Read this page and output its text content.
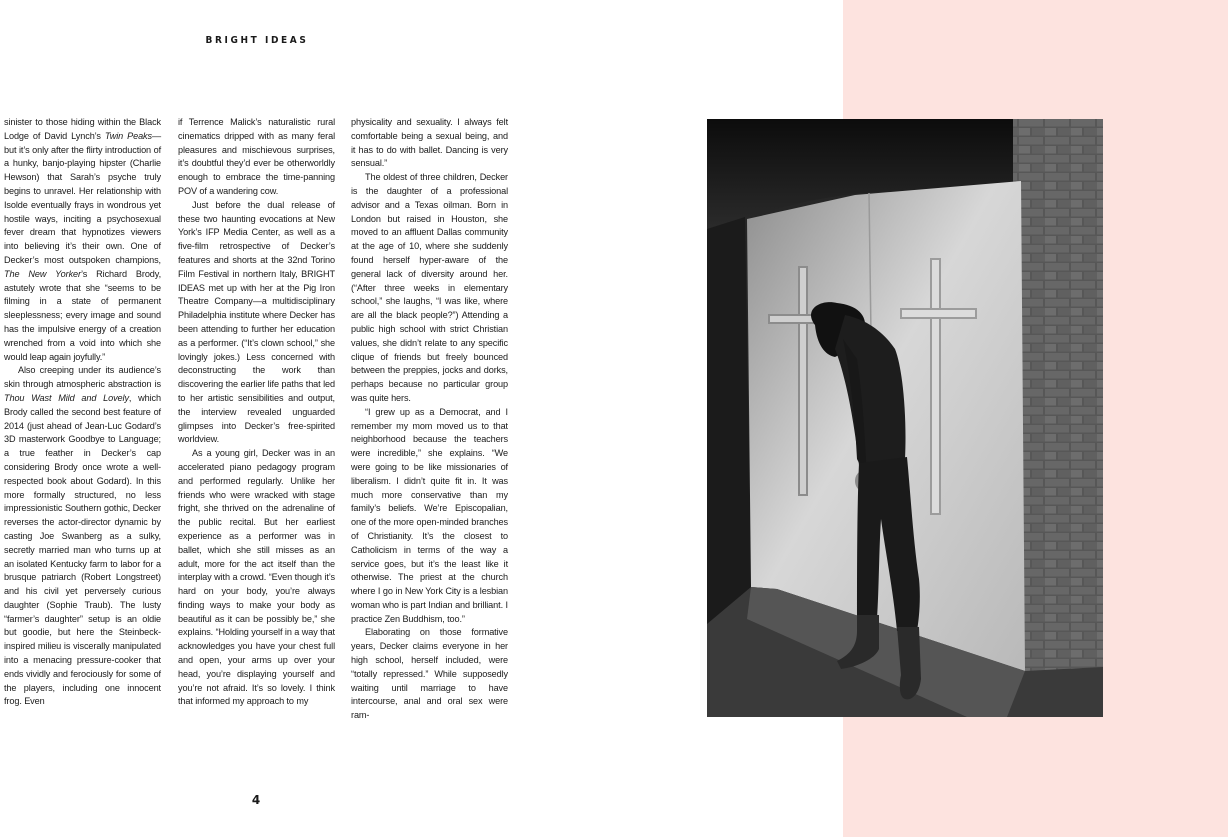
BRIGHT IDEAS

sinister to those hiding within the Black Lodge of David Lynch’s Twin Peaks—but it’s only after the flirty introduction of a hunky, banjo-playing hipster (Charlie Hewson) that Sarah’s psyche truly begins to unravel. Her relationship with Isolde eventually frays in wondrous yet hostile ways, inciting a psychosexual fever dream that hypnotizes viewers into believing it’s their own. One of Decker’s most outspoken champions, The New Yorker’s Richard Brody, astutely wrote that she “seems to be filming in a state of permanent sleeplessness; every image and sound has the impulsive energy of a creation wrenched from a void into which she would leap again joyfully.”

Also creeping under its audience’s skin through atmospheric abstraction is Thou Wast Mild and Lovely, which Brody called the second best feature of 2014 (just ahead of Jean-Luc Godard’s 3D masterwork Goodbye to Language; a true feather in Decker’s cap considering Brody once wrote a well-respected book about Godard). In this more formally structured, no less impressionistic Southern gothic, Decker reverses the actor-director dynamic by casting Joe Swanberg as a sulky, secretly married man who turns up at an isolated Kentucky farm to labor for a brusque patriarch (Robert Longstreet) and his civil yet perversely curious daughter (Sophie Traub). The lusty “farmer’s daughter” setup is an oldie but goodie, but here the Steinbeck-inspired milieu is viscerally manipulated into a menacing pressure-cooker that ends vividly and ferociously for some of the players, including one innocent frog. Even

if Terrence Malick’s naturalistic rural cinematics dripped with as many feral pleasures and mischievous surprises, it’s doubtful they’d ever be otherworldly enough to embrace the time-panning POV of a wandering cow.

Just before the dual release of these two haunting evocations at New York’s IFP Media Center, as well as a five-film retrospective of Decker’s features and shorts at the 32nd Torino Film Festival in northern Italy, BRIGHT IDEAS met up with her at the Pig Iron Theatre Company—a multidisciplinary Philadelphia institute where Decker has been attending to further her education as a performer. (“It’s clown school,” she lovingly jokes.) Less concerned with deconstructing the work than discovering the earlier life paths that led to her artistic sensibilities and output, the interview revealed unguarded glimpses into Decker’s free-spirited worldview.

As a young girl, Decker was in an accelerated piano pedagogy program and performed regularly. Unlike her friends who were wracked with stage fright, she thrived on the adrenaline of the public recital. But her earliest experience as a performer was in ballet, which she still misses as an adult, more for the act itself than the interplay with a crowd. “Even though it’s hard on your body, you’re always finding ways to make your body as beautiful as it can be possibly be,” she explains. “Holding yourself in a way that acknowledges you have your chest full and open, your arms up over your head, you’re displaying yourself and you’re not afraid. It’s so lovely. I think that informed my approach to my

physicality and sexuality. I always felt comfortable being a sexual being, and it has to do with ballet. Dancing is very sensual.”

The oldest of three children, Decker is the daughter of a professional advisor and a Texas oilman. Born in London but raised in Houston, she moved to an affluent Dallas community at the age of 10, where she suddenly found herself hyper-aware of the general lack of diversity around her. (“After three weeks in elementary school,” she laughs, “I was like, where are all the black people?”) Attending a public high school with strict Christian values, she didn’t relate to any specific clique of friends but freely bounced between the preppies, jocks and dorks, perhaps because no particular group was quite hers.

“I grew up as a Democrat, and I remember my mom moved us to that neighborhood because the teachers were incredible,” she explains. “We were going to be like missionaries of liberalism. I didn’t quite fit in. It was much more conservative than my family’s beliefs. We’re Episcopalian, one of the more open-minded branches of Christianity. It’s the closest to Catholicism in terms of the way a service goes, but it’s the least like it otherwise. The priest at the church where I go in New York City is a lesbian woman who is part Indian and brilliant. I practice Zen Buddhism, too.”

Elaborating on those formative years, Decker claims everyone in her high school, herself included, were “totally repressed.” While supposedly waiting until marriage to have intercourse, anal and oral sex were ram-

4
